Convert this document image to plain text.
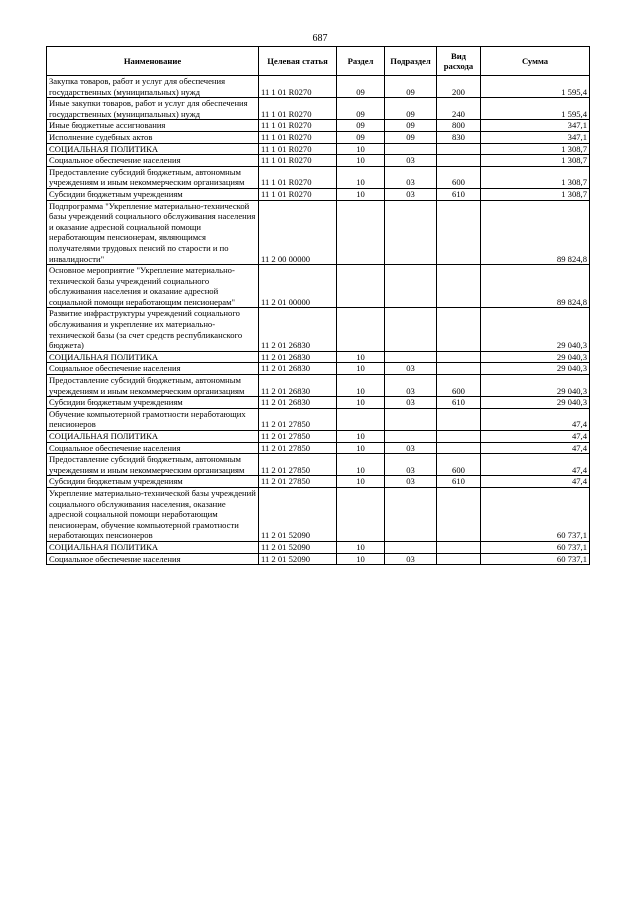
687
Наименование	Целевая статья	Раздел	Подраздел	Вид расхода	Сумма
Закупка товаров, работ и услуг для обеспечения государственных (муниципальных) нужд	11 1 01 R0270	09	09	200	1 595,4
Иные закупки товаров, работ и услуг для обеспечения государственных (муниципальных) нужд	11 1 01 R0270	09	09	240	1 595,4
Иные бюджетные ассигнования	11 1 01 R0270	09	09	800	347,1
Исполнение судебных актов	11 1 01 R0270	09	09	830	347,1
СОЦИАЛЬНАЯ ПОЛИТИКА	11 1 01 R0270	10			1 308,7
Социальное обеспечение населения	11 1 01 R0270	10	03		1 308,7
Предоставление субсидий бюджетным, автономным учреждениям и иным некоммерческим организациям	11 1 01 R0270	10	03	600	1 308,7
Субсидии бюджетным учреждениям	11 1 01 R0270	10	03	610	1 308,7
Подпрограмма "Укрепление материально-технической базы учреждений социального обслуживания населения и оказание адресной социальной помощи неработающим пенсионерам, являющимся получателями трудовых пенсий по старости и по инвалидности"	11 2 00 00000				89 824,8
Основное мероприятие "Укрепление материально-технической базы учреждений социального обслуживания населения и оказание адресной социальной помощи неработающим пенсионерам"	11 2 01 00000				89 824,8
Развитие инфраструктуры учреждений социального обслуживания и укрепление их материально-технической базы (за счет средств республиканского бюджета)	11 2 01 26830				29 040,3
СОЦИАЛЬНАЯ ПОЛИТИКА	11 2 01 26830	10			29 040,3
Социальное обеспечение населения	11 2 01 26830	10	03		29 040,3
Предоставление субсидий бюджетным, автономным учреждениям и иным некоммерческим организациям	11 2 01 26830	10	03	600	29 040,3
Субсидии бюджетным учреждениям	11 2 01 26830	10	03	610	29 040,3
Обучение компьютерной грамотности неработающих пенсионеров	11 2 01 27850				47,4
СОЦИАЛЬНАЯ ПОЛИТИКА	11 2 01 27850	10			47,4
Социальное обеспечение населения	11 2 01 27850	10	03		47,4
Предоставление субсидий бюджетным, автономным учреждениям и иным некоммерческим организациям	11 2 01 27850	10	03	600	47,4
Субсидии бюджетным учреждениям	11 2 01 27850	10	03	610	47,4
Укрепление материально-технической базы учреждений социального обслуживания населения, оказание адресной социальной помощи неработающим пенсионерам, обучение компьютерной грамотности неработающих пенсионеров	11 2 01 52090				60 737,1
СОЦИАЛЬНАЯ ПОЛИТИКА	11 2 01 52090	10			60 737,1
Социальное обеспечение населения	11 2 01 52090	10	03		60 737,1
